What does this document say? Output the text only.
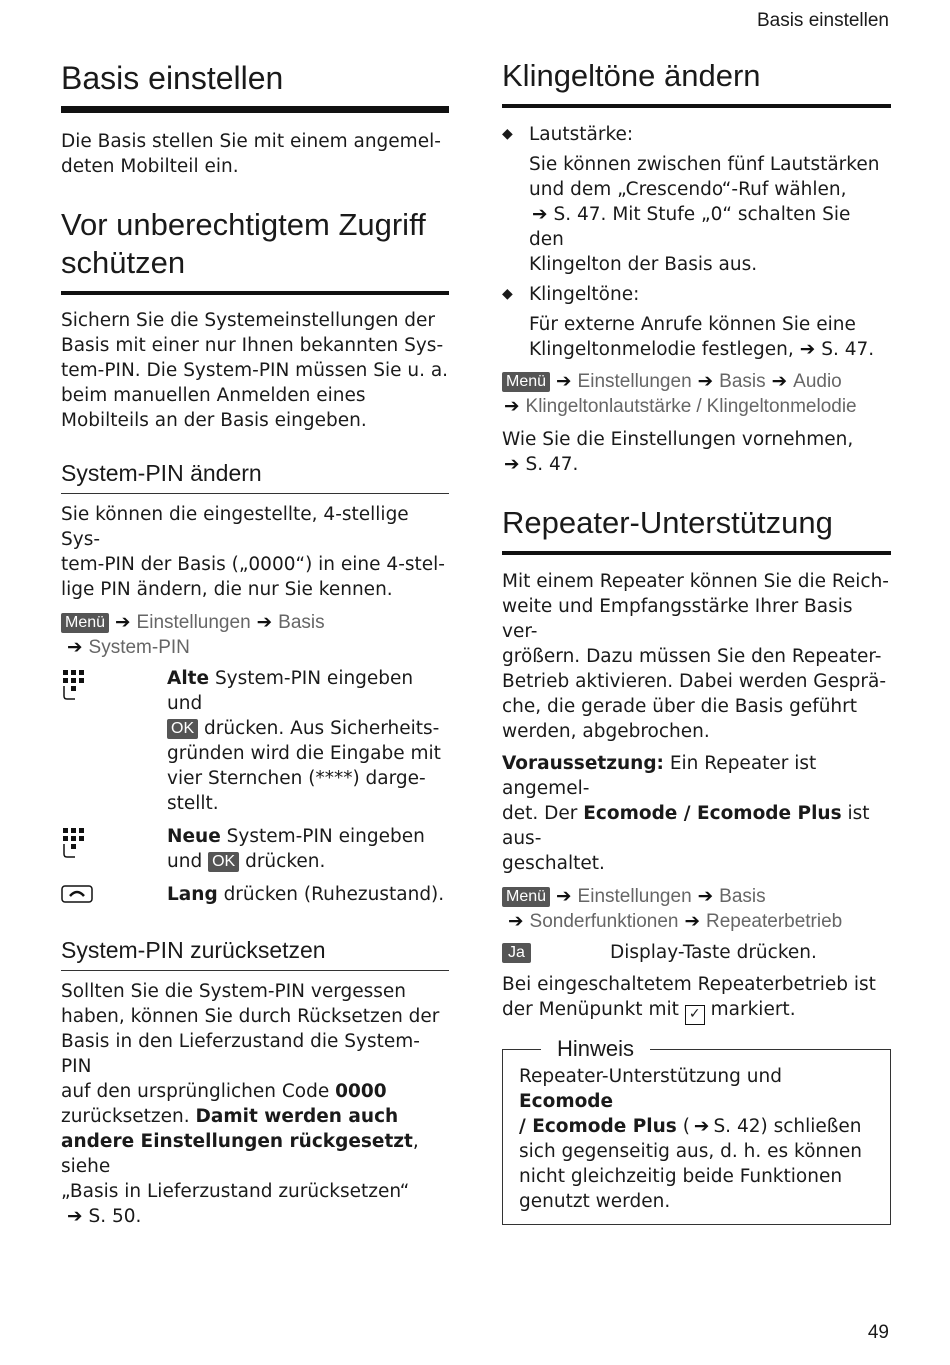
Basis einstellen
Basis einstellen

Die Basis stellen Sie mit einem angemel-
deten Mobilteil ein.

Vor unberechtigtem Zugriff
schützen

Sichern Sie die Systemeinstellungen der
Basis mit einer nur Ihnen bekannten Sys-
tem-PIN. Die System-PIN müssen Sie u. a.
beim manuellen Anmelden eines
Mobilteils an der Basis eingeben.

System-PIN ändern

Sie können die eingestellte, 4-stellige Sys-
tem-PIN der Basis („0000“) in eine 4-stel-
lige PIN ändern, die nur Sie kennen.

Menü ➔ Einstellungen ➔ Basis
➔ System-PIN

Alte System-PIN eingeben und
OK drücken. Aus Sicherheits-
gründen wird die Eingabe mit
vier Sternchen (****) darge-
stellt.
Neue System-PIN eingeben
und OK drücken.
Lang drücken (Ruhezustand).
System-PIN zurücksetzen

Sollten Sie die System-PIN vergessen
haben, können Sie durch Rücksetzen der
Basis in den Lieferzustand die System-PIN
auf den ursprünglichen Code 0000
zurücksetzen. Damit werden auch
andere Einstellungen rückgesetzt, siehe
„Basis in Lieferzustand zurücksetzen“
➔ S. 50.

Klingeltöne ändern
◆ Lautstärke:

Sie können zwischen fünf Lautstärken
und dem „Crescendo“-Ruf wählen,
➔ S. 47. Mit Stufe „0“ schalten Sie den
Klingelton der Basis aus.

◆ Klingeltöne:

Für externe Anrufe können Sie eine
Klingeltonmelodie festlegen, ➔ S. 47.

Menü ➔ Einstellungen ➔ Basis ➔ Audio
➔ Klingeltonlautstärke / Klingeltonmelodie

Wie Sie die Einstellungen vornehmen,
➔ S. 47.

Repeater-Unterstützung

Mit einem Repeater können Sie die Reich-
weite und Empfangsstärke Ihrer Basis ver-
größern. Dazu müssen Sie den Repeater-
Betrieb aktivieren. Dabei werden Gesprä-
che, die gerade über die Basis geführt
werden, abgebrochen.

Voraussetzung: Ein Repeater ist angemel-
det. Der Ecomode / Ecomode Plus ist aus-
geschaltet.

Menü ➔ Einstellungen ➔ Basis
➔ Sonderfunktionen ➔ Repeaterbetrieb

Ja	Display-Taste drücken.

Bei eingeschaltetem Repeaterbetrieb ist
der Menüpunkt mit ✓ markiert.

Hinweis

Repeater-Unterstützung und Ecomode
/ Ecomode Plus ( ➔ S. 42) schließen
sich gegenseitig aus, d. h. es können
nicht gleichzeitig beide Funktionen
genutzt werden.

49
